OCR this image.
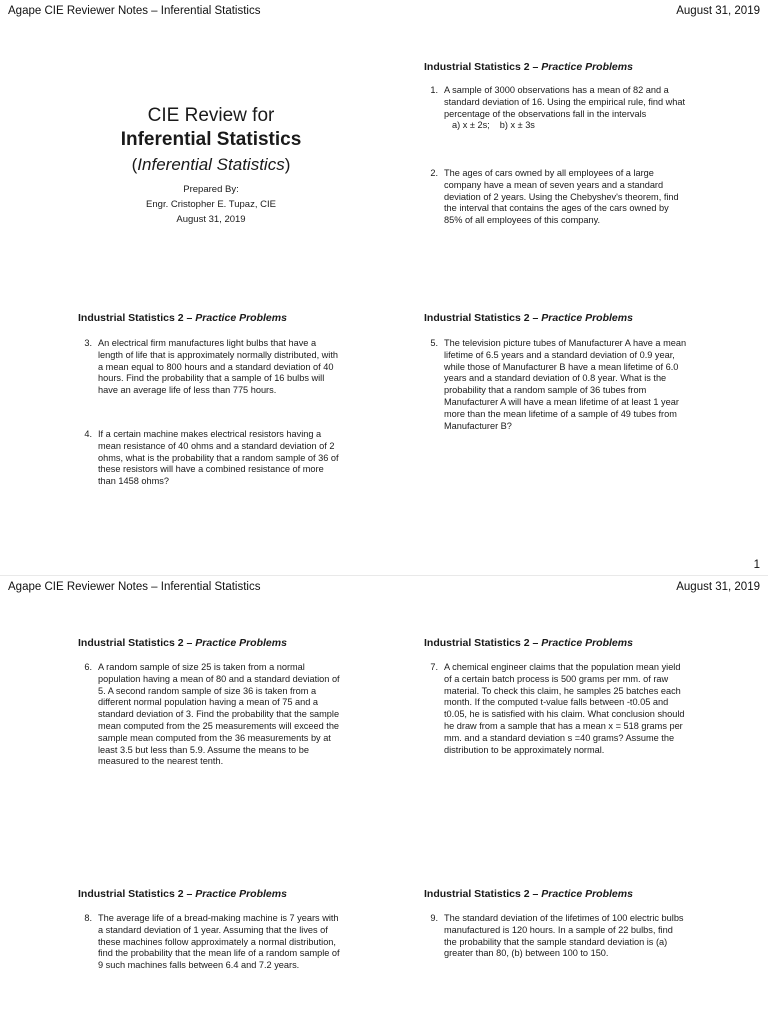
Agape CIE Reviewer Notes – Inferential Statistics	August 31, 2019
CIE Review for
Inferential Statistics
(Inferential Statistics)
Prepared By:
Engr. Cristopher E. Tupaz, CIE
August 31, 2019
Industrial Statistics 2 – Practice Problems
1. A sample of 3000 observations has a mean of 82 and a standard deviation of 16. Using the empirical rule, find what percentage of the observations fall in the intervals
a) x ± 2s; b) x ± 3s
2. The ages of cars owned by all employees of a large company have a mean of seven years and a standard deviation of 2 years. Using the Chebyshev's theorem, find the interval that contains the ages of the cars owned by 85% of all employees of this company.
Industrial Statistics 2 – Practice Problems
3. An electrical firm manufactures light bulbs that have a length of life that is approximately normally distributed, with a mean equal to 800 hours and a standard deviation of 40 hours. Find the probability that a sample of 16 bulbs will have an average life of less than 775 hours.
4. If a certain machine makes electrical resistors having a mean resistance of 40 ohms and a standard deviation of 2 ohms, what is the probability that a random sample of 36 of these resistors will have a combined resistance of more than 1458 ohms?
Industrial Statistics 2 – Practice Problems
5. The television picture tubes of Manufacturer A have a mean lifetime of 6.5 years and a standard deviation of 0.9 year, while those of Manufacturer B have a mean lifetime of 6.0 years and a standard deviation of 0.8 year. What is the probability that a random sample of 36 tubes from Manufacturer A will have a mean lifetime of at least 1 year more than the mean lifetime of a sample of 49 tubes from Manufacturer B?
1
Agape CIE Reviewer Notes – Inferential Statistics	August 31, 2019
Industrial Statistics 2 – Practice Problems
6. A random sample of size 25 is taken from a normal population having a mean of 80 and a standard deviation of 5. A second random sample of size 36 is taken from a different normal population having a mean of 75 and a standard deviation of 3. Find the probability that the sample mean computed from the 25 measurements will exceed the sample mean computed from the 36 measurements by at least 3.5 but less than 5.9. Assume the means to be measured to the nearest tenth.
Industrial Statistics 2 – Practice Problems
7. A chemical engineer claims that the population mean yield of a certain batch process is 500 grams per mm. of raw material. To check this claim, he samples 25 batches each month. If the computed t-value falls between -t0.05 and t0.05, he is satisfied with his claim. What conclusion should he draw from a sample that has a mean x = 518 grams per mm. and a standard deviation s =40 grams? Assume the distribution to be approximately normal.
Industrial Statistics 2 – Practice Problems
8. The average life of a bread-making machine is 7 years with a standard deviation of 1 year. Assuming that the lives of these machines follow approximately a normal distribution, find the probability that the mean life of a random sample of 9 such machines falls between 6.4 and 7.2 years.
Industrial Statistics 2 – Practice Problems
9. The standard deviation of the lifetimes of 100 electric bulbs manufactured is 120 hours. In a sample of 22 bulbs, find the probability that the sample standard deviation is (a) greater than 80, (b) between 100 to 150.
